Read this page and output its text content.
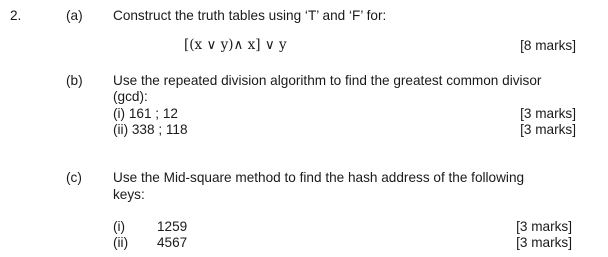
2.	(a) Construct the truth tables using ‘T’ and ‘F’ for:
[(x ∨ y)∧ x] ∨ y	[8 marks]
(b) Use the repeated division algorithm to find the greatest common divisor
(gcd):
(i) 161 ; 12	[3 marks]
(ii) 338 ; 118	[3 marks]
(c) Use the Mid-square method to find the hash address of the following
keys:
(i) 1259	[3 marks]
(ii) 4567	[3 marks]
